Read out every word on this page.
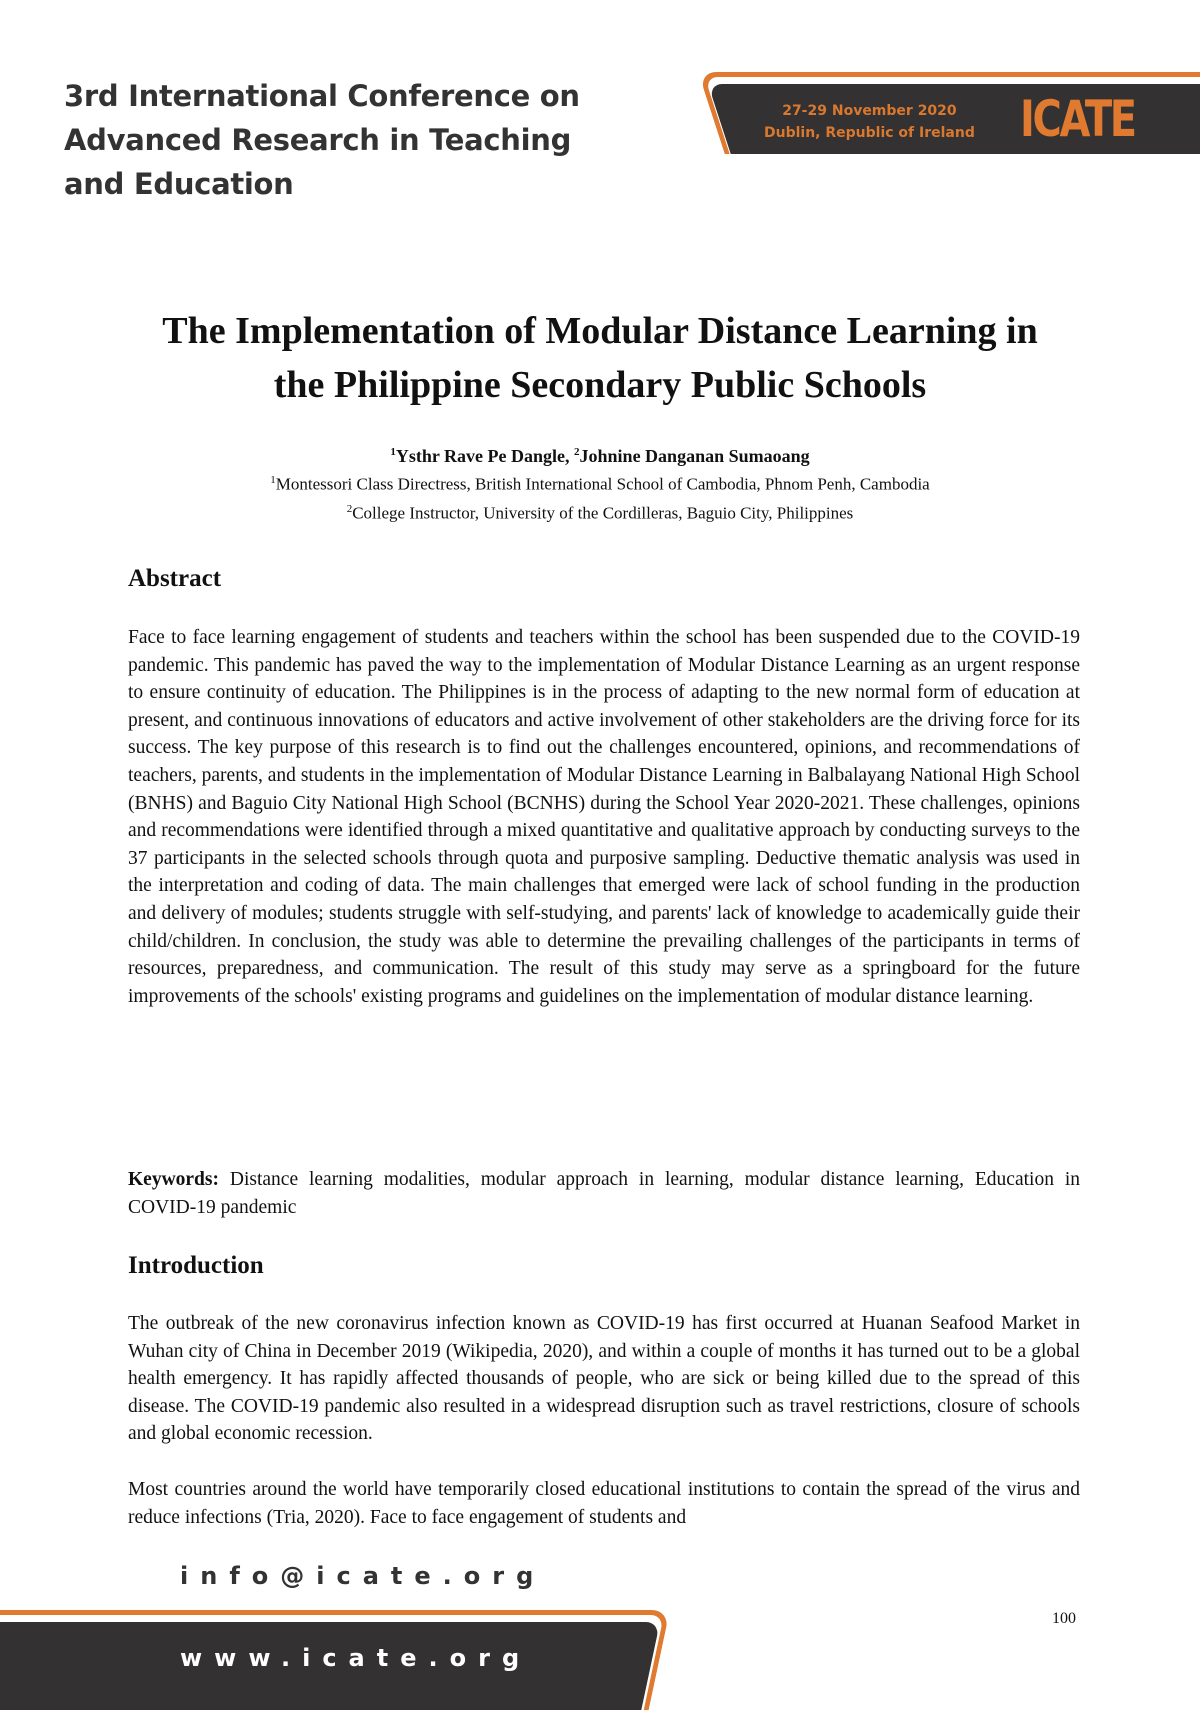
3rd International Conference on
Advanced Research in Teaching
and Education
27-29 November 2020
Dublin, Republic of Ireland ICATE
The Implementation of Modular Distance Learning in
the Philippine Secondary Public Schools
$^1$Ysthr Rave Pe Dangle, $^2$Johnine Danganan Sumaoang
$^1$Montessori Class Directress, British International School of Cambodia, Phnom Penh, Cambodia
$^2$College Instructor, University of the Cordilleras, Baguio City, Philippines
Abstract

Face to face learning engagement of students and teachers within the school has been suspended due to the COVID-19 pandemic. This pandemic has paved the way to the implementation of Modular Distance Learning as an urgent response to ensure continuity of education. The Philippines is in the process of adapting to the new normal form of education at present, and continuous innovations of educators and active involvement of other stakeholders are the driving force for its success. The key purpose of this research is to find out the challenges encountered, opinions, and recommendations of teachers, parents, and students in the implementation of Modular Distance Learning in Balbalayang National High School (BNHS) and Baguio City National High School (BCNHS) during the School Year 2020-2021. These challenges, opinions and recommendations were identified through a mixed quantitative and qualitative approach by conducting surveys to the 37 participants in the selected schools through quota and purposive sampling. Deductive thematic analysis was used in the interpretation and coding of data. The main challenges that emerged were lack of school funding in the production and delivery of modules; students struggle with self-studying, and parents' lack of knowledge to academically guide their child/children. In conclusion, the study was able to determine the prevailing challenges of the participants in terms of resources, preparedness, and communication. The result of this study may serve as a springboard for the future improvements of the schools' existing programs and guidelines on the implementation of modular distance learning.

Keywords: Distance learning modalities, modular approach in learning, modular distance learning, Education in COVID-19 pandemic

Introduction

The outbreak of the new coronavirus infection known as COVID-19 has first occurred at Huanan Seafood Market in Wuhan city of China in December 2019 (Wikipedia, 2020), and within a couple of months it has turned out to be a global health emergency. It has rapidly affected thousands of people, who are sick or being killed due to the spread of this disease. The COVID-19 pandemic also resulted in a widespread disruption such as travel restrictions, closure of schools and global economic recession.

Most countries around the world have temporarily closed educational institutions to contain the spread of the virus and reduce infections (Tria, 2020). Face to face engagement of students and

info@icate.org
www.icate.org
100
